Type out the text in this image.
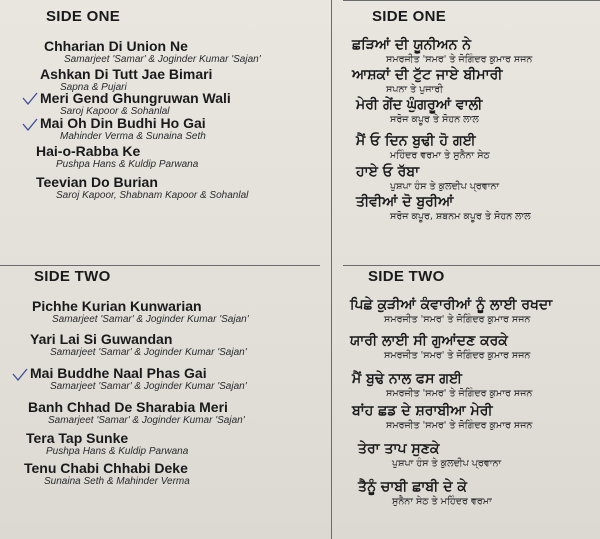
SIDE ONE
Chharian Di Union Ne
Samarjeet 'Samar' & Joginder Kumar 'Sajan'
Ashkan Di Tutt Jae Bimari
Sapna & Pujari
Meri Gend Ghungruwan Wali
Saroj Kapoor & Sohanlal
Mai Oh Din Budhi Ho Gai
Mahinder Verma & Sunaina Seth
Hai-o-Rabba Ke
Pushpa Hans & Kuldip Parwana
Teevian Do Burian
Saroj Kapoor, Shabnam Kapoor & Sohanlal
SIDE TWO
Pichhe Kurian Kunwarian
Samarjeet 'Samar' & Joginder Kumar 'Sajan'
Yari Lai Si Guwandan
Samarjeet 'Samar' & Joginder Kumar 'Sajan'
Mai Buddhe Naal Phas Gai
Samarjeet 'Samar' & Joginder Kumar 'Sajan'
Banh Chhad De Sharabia Meri
Samarjeet 'Samar' & Joginder Kumar 'Sajan'
Tera Tap Sunke
Pushpa Hans & Kuldip Parwana
Tenu Chabi Chhabi Deke
Sunaina Seth & Mahinder Verma
SIDE ONE
ਛੜਿਆਂ ਦੀ ਯੂਨੀਅਨ ਨੇ
ਸਮਰਜੀਤ 'ਸਮਰ' ਤੇ ਜੋਗਿੰਦਰ ਕੁਮਾਰ ਸਜਨ
ਆਸ਼ਕਾਂ ਦੀ ਟੁੱਟ ਜਾਏ ਬੀਮਾਰੀ
ਸਪਨਾ ਤੇ ਪੁਜਾਰੀ
ਮੇਰੀ ਗੇਂਦ ਘੁੰਗਰੂਆਂ ਵਾਲੀ
ਸਰੋਜ ਕਪੂਰ ਤੇ ਸੋਹਨ ਲਾਲ
ਮੈਂ ਓ ਦਿਨ ਬੁਢੀ ਹੋ ਗਈ
ਮਹਿੰਦਰ ਵਰਮਾ ਤੇ ਸੁਨੈਨਾ ਸੇਠ
ਹਾਏ ਓ ਰੱਬਾ
ਪੁਸ਼ਪਾ ਹੰਸ ਤੇ ਕੁਲਦੀਪ ਪ੍ਰਵਾਨਾ
ਤੀਵੀਆਂ ਦੋ ਬੁਰੀਆਂ
ਸਰੋਜ ਕਪੂਰ, ਸ਼ਬਨਮ ਕਪੂਰ ਤੇ ਸੋਹਨ ਲਾਲ
SIDE TWO
ਪਿਛੇ ਕੁੜੀਆਂ ਕੰਵਾਰੀਆਂ ਨੂੰ ਲਾਈ ਰਖਦਾ
ਸਮਰਜੀਤ 'ਸਮਰ' ਤੇ ਜੋਗਿੰਦਰ ਕੁਮਾਰ ਸਜਨ
ਯਾਰੀ ਲਾਈ ਸੀ ਗੁਆਂਦਣ ਕਰਕੇ
ਸਮਰਜੀਤ 'ਸਮਰ' ਤੇ ਜੋਗਿੰਦਰ ਕੁਮਾਰ ਸਜਨ
ਮੈਂ ਬੁਢੇ ਨਾਲ ਫਸ ਗਈ
ਸਮਰਜੀਤ 'ਸਮਰ' ਤੇ ਜੋਗਿੰਦਰ ਕੁਮਾਰ ਸਜਨ
ਬਾਂਹ ਛਡ ਦੇ ਸ਼ਰਾਬੀਆ ਮੇਰੀ
ਸਮਰਜੀਤ 'ਸਮਰ' ਤੇ ਜੋਗਿੰਦਰ ਕੁਮਾਰ ਸਜਨ
ਤੇਰਾ ਤਾਪ ਸੁਣਕੇ
ਪੁਸ਼ਪਾ ਹੰਸ ਤੇ ਕੁਲਦੀਪ ਪ੍ਰਵਾਨਾ
ਤੈਨੂੰ ਚਾਬੀ ਛਾਬੀ ਦੇ ਕੇ
ਸੁਨੈਨਾ ਸੇਠ ਤੇ ਮਹਿੰਦਰ ਵਰਮਾ
